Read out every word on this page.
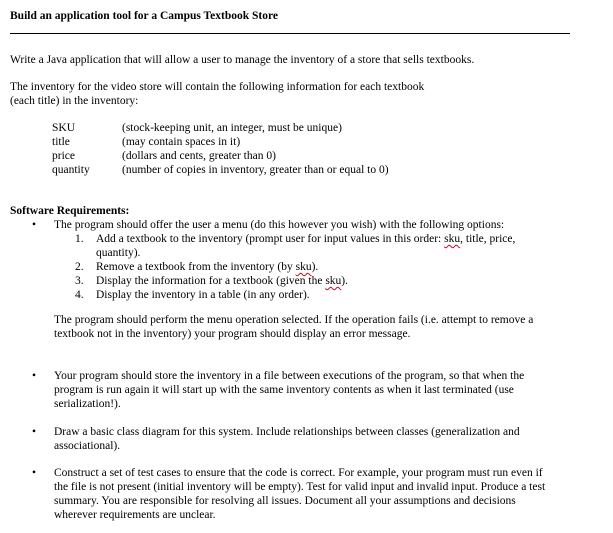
Build an application tool for a Campus Textbook Store
Write a Java application that will allow a user to manage the inventory of a store that sells textbooks.
The inventory for the video store will contain the following information for each textbook
(each title) in the inventory:
SKU	(stock-keeping unit, an integer, must be unique)
title	(may contain spaces in it)
price	(dollars and cents, greater than 0)
quantity	(number of copies in inventory, greater than or equal to 0)
Software Requirements:
• The program should offer the user a menu (do this however you wish) with the following options:
1. Add a textbook to the inventory (prompt user for input values in this order: sku, title, price,
quantity).
2. Remove a textbook from the inventory (by sku).
3. Display the information for a textbook (given the sku).
4. Display the inventory in a table (in any order).
The program should perform the menu operation selected. If the operation fails (i.e. attempt to remove a
textbook not in the inventory) your program should display an error message.
• Your program should store the inventory in a file between executions of the program, so that when the
program is run again it will start up with the same inventory contents as when it last terminated (use
serialization!).
• Draw a basic class diagram for this system. Include relationships between classes (generalization and
associational).
• Construct a set of test cases to ensure that the code is correct. For example, your program must run even if
the file is not present (initial inventory will be empty). Test for valid input and invalid input. Produce a test
summary. You are responsible for resolving all issues. Document all your assumptions and decisions
wherever requirements are unclear.
